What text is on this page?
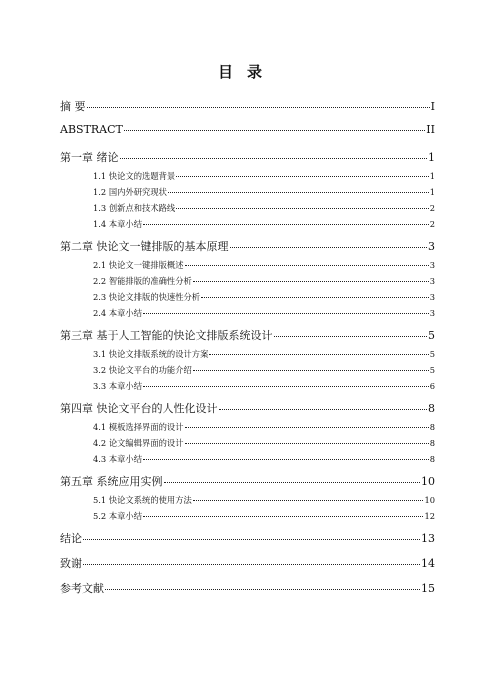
目录
摘 要	I
ABSTRACT	II
第一章 绪论	1
1.1 快论文的选题背景	1
1.2 国内外研究现状	1
1.3 创新点和技术路线	2
1.4 本章小结	2
第二章 快论文一键排版的基本原理	3
2.1 快论文一键排版概述	3
2.2 智能排版的准确性分析	3
2.3 快论文排版的快速性分析	3
2.4 本章小结	3
第三章 基于人工智能的快论文排版系统设计	5
3.1 快论文排版系统的设计方案	5
3.2 快论文平台的功能介绍	5
3.3 本章小结	6
第四章 快论文平台的人性化设计	8
4.1 模板选择界面的设计	8
4.2 论文编辑界面的设计	8
4.3 本章小结	8
第五章 系统应用实例	10
5.1 快论文系统的使用方法	10
5.2 本章小结	12
结论	13
致谢	14
参考文献	15
